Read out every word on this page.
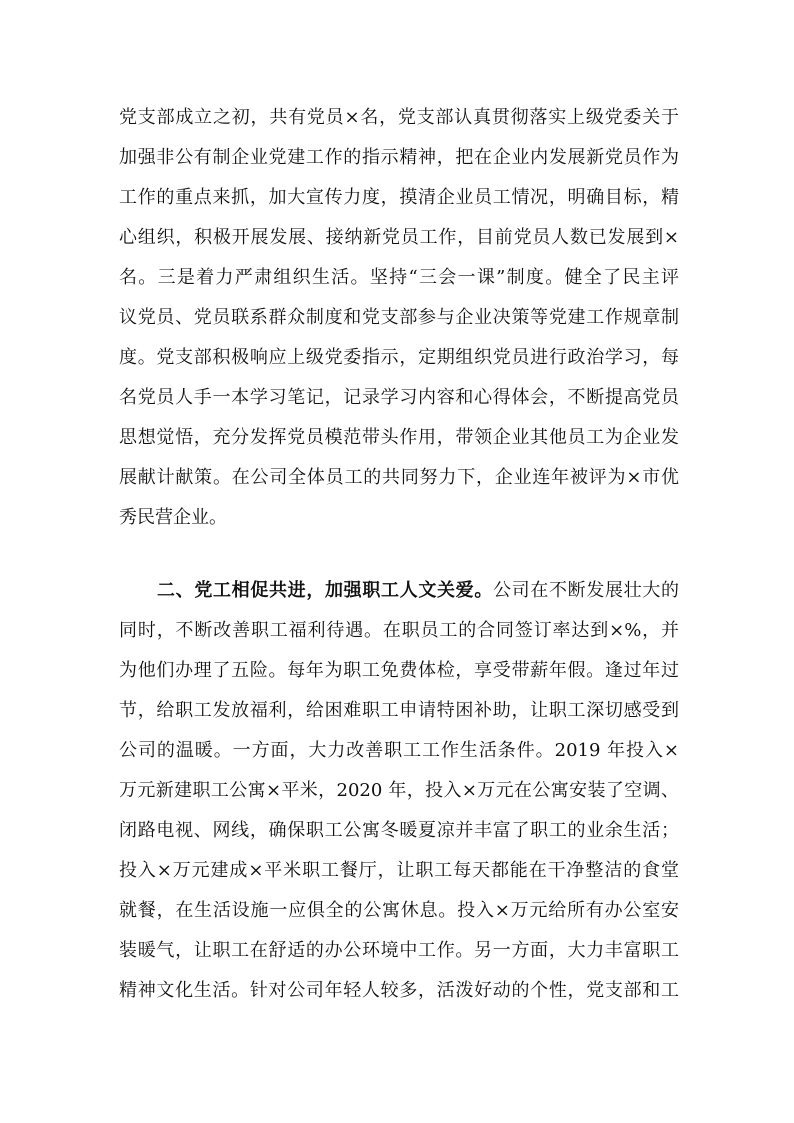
党支部成立之初，共有党员×名，党支部认真贯彻落实上级党委关于
加强非公有制企业党建工作的指示精神，把在企业内发展新党员作为
工作的重点来抓，加大宣传力度，摸清企业员工情况，明确目标，精
心组织，积极开展发展、接纳新党员工作，目前党员人数已发展到×
名。三是着力严肃组织生活。坚持“三会一课”制度。健全了民主评
议党员、党员联系群众制度和党支部参与企业决策等党建工作规章制
度。党支部积极响应上级党委指示，定期组织党员进行政治学习，每
名党员人手一本学习笔记，记录学习内容和心得体会，不断提高党员
思想觉悟，充分发挥党员模范带头作用，带领企业其他员工为企业发
展献计献策。在公司全体员工的共同努力下，企业连年被评为×市优
秀民营企业。
二、党工相促共进，加强职工人文关爱。公司在不断发展壮大的
同时，不断改善职工福利待遇。在职员工的合同签订率达到×%，并
为他们办理了五险。每年为职工免费体检，享受带薪年假。逢过年过
节，给职工发放福利，给困难职工申请特困补助，让职工深切感受到
公司的温暖。一方面，大力改善职工工作生活条件。2019 年投入×
万元新建职工公寓×平米，2020 年，投入×万元在公寓安装了空调、
闭路电视、网线，确保职工公寓冬暖夏凉并丰富了职工的业余生活；
投入×万元建成×平米职工餐厅，让职工每天都能在干净整洁的食堂
就餐，在生活设施一应俱全的公寓休息。投入×万元给所有办公室安
装暖气，让职工在舒适的办公环境中工作。另一方面，大力丰富职工
精神文化生活。针对公司年轻人较多，活泼好动的个性，党支部和工
